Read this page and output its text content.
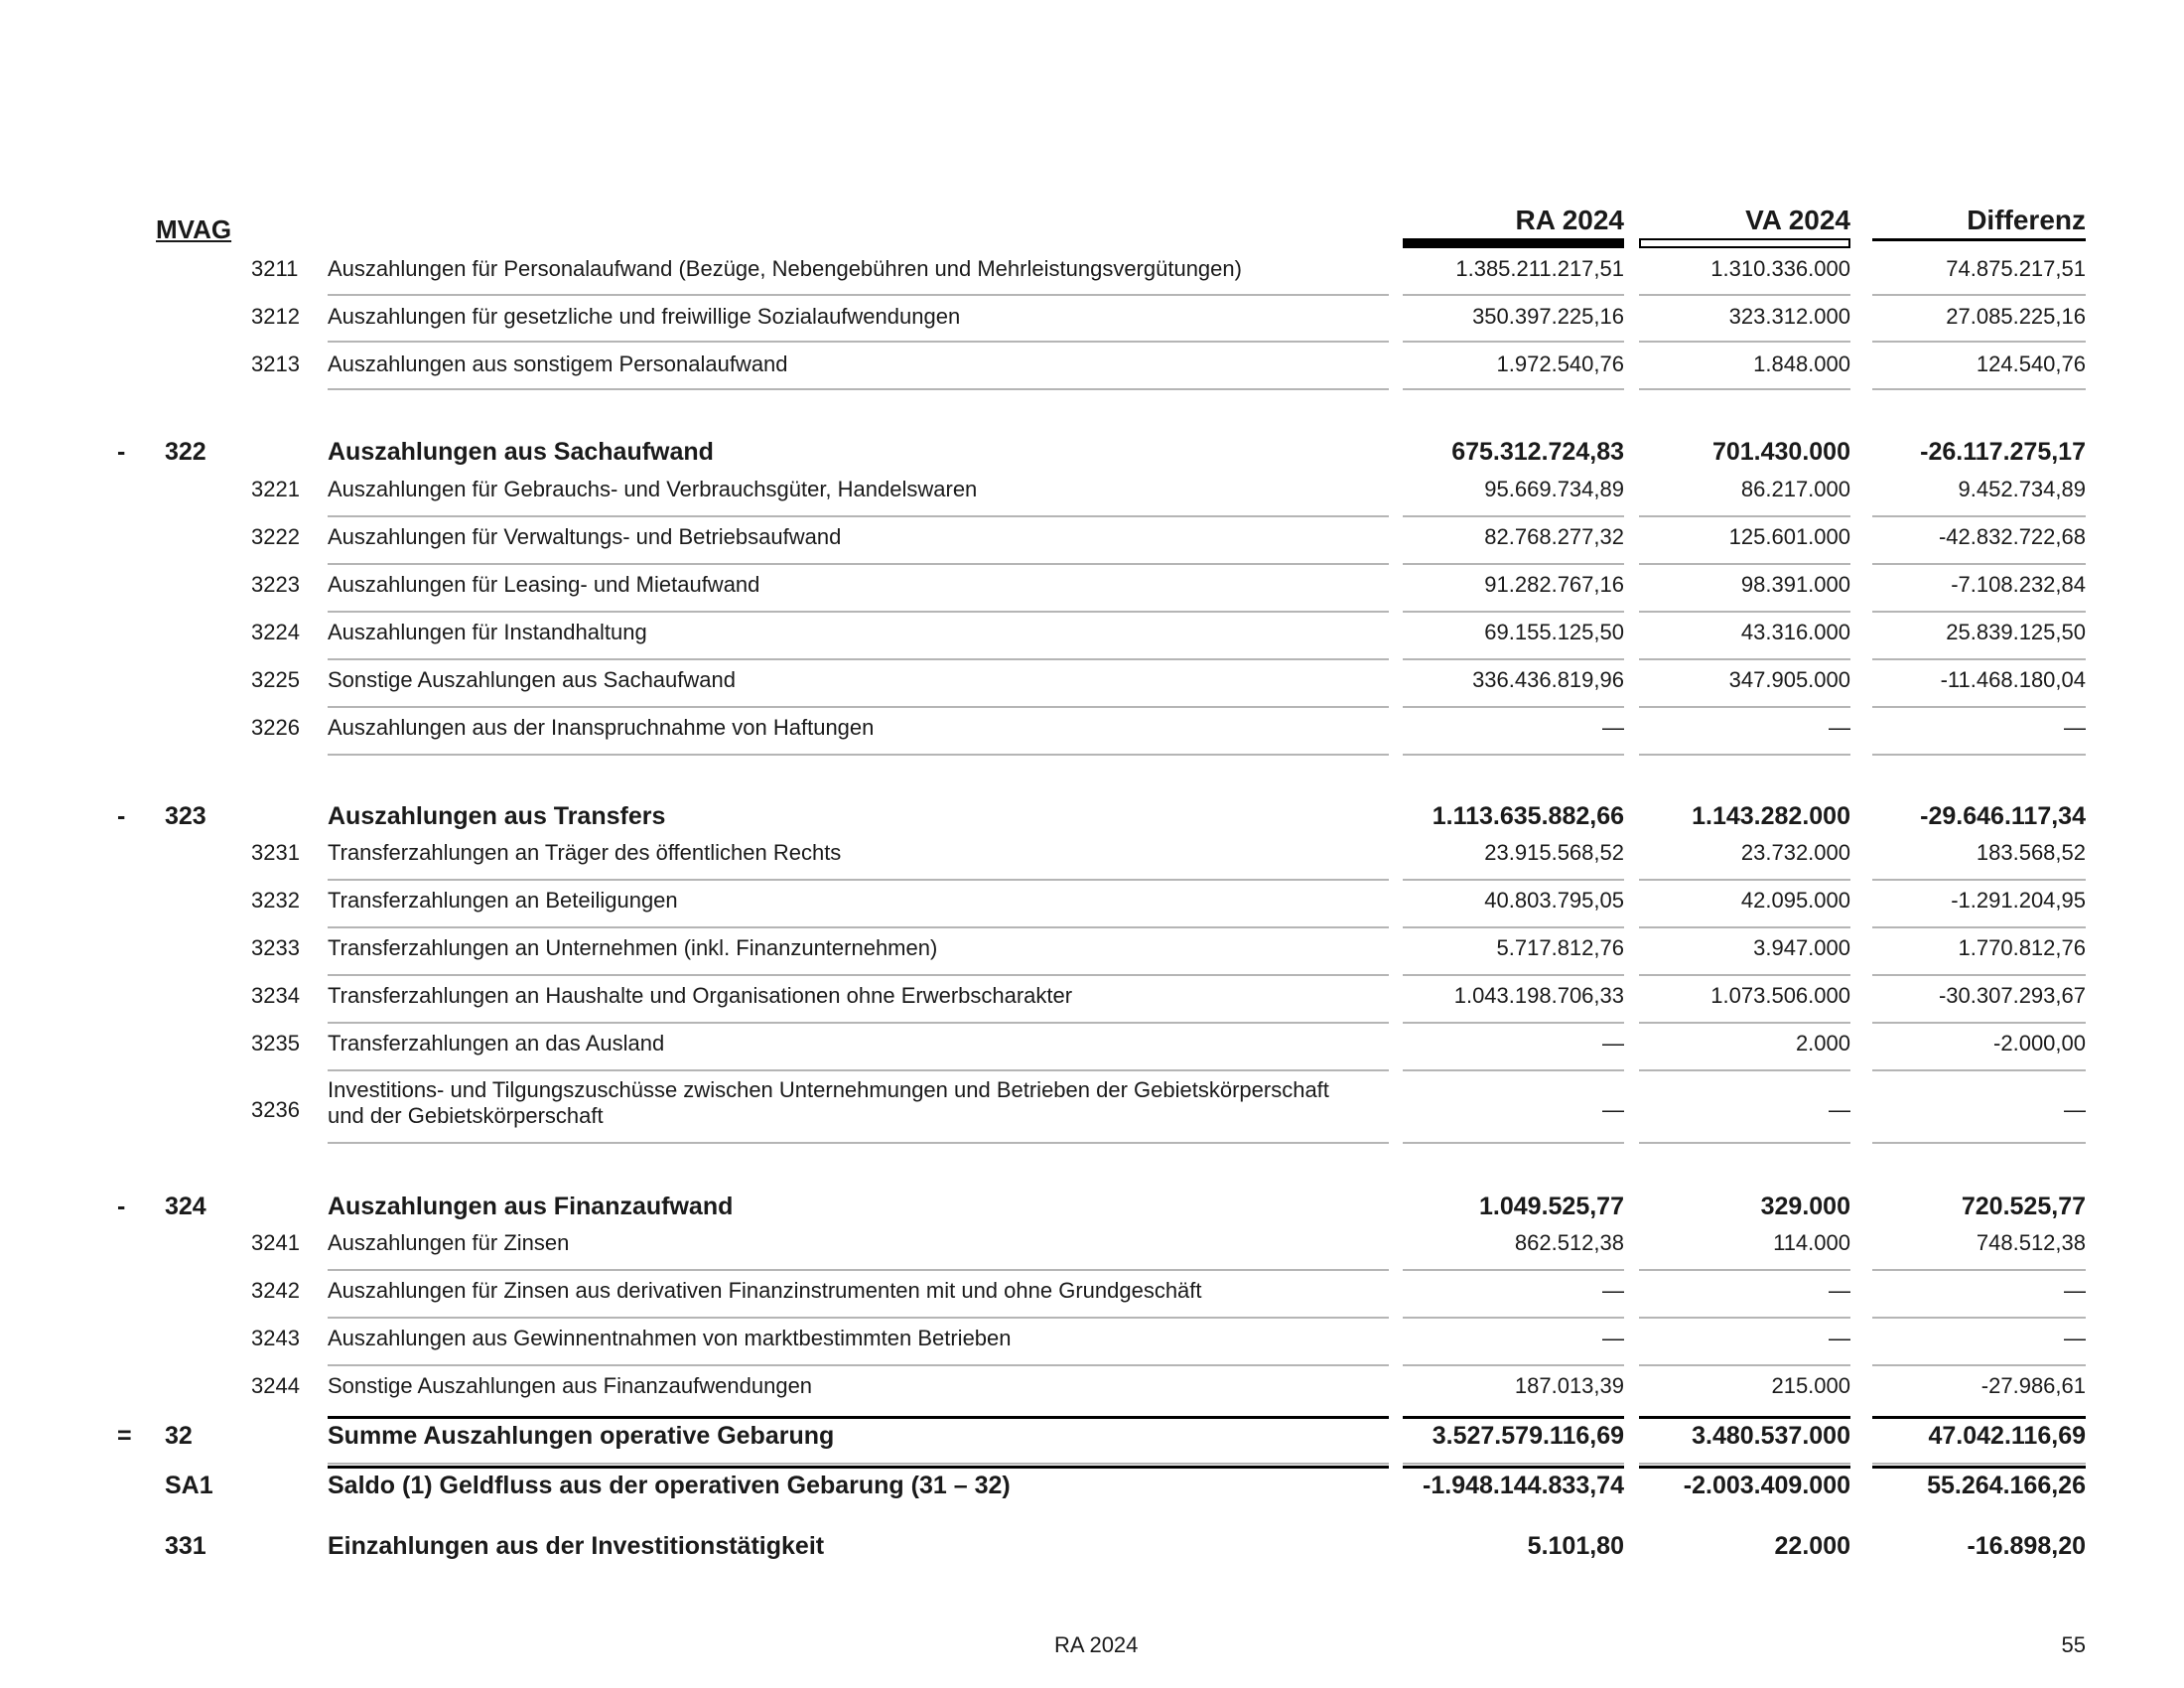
MVAG	RA 2024	VA 2024	Differenz
3211 Auszahlungen für Personalaufwand (Bezüge, Nebengebühren und Mehrleistungsvergütungen)	1.385.211.217,51	1.310.336.000	74.875.217,51
3212 Auszahlungen für gesetzliche und freiwillige Sozialaufwendungen	350.397.225,16	323.312.000	27.085.225,16
3213 Auszahlungen aus sonstigem Personalaufwand	1.972.540,76	1.848.000	124.540,76
- 322	Auszahlungen aus Sachaufwand	675.312.724,83	701.430.000	-26.117.275,17
3221 Auszahlungen für Gebrauchs- und Verbrauchsgüter, Handelswaren	95.669.734,89	86.217.000	9.452.734,89
3222 Auszahlungen für Verwaltungs- und Betriebsaufwand	82.768.277,32	125.601.000	-42.832.722,68
3223 Auszahlungen für Leasing- und Mietaufwand	91.282.767,16	98.391.000	-7.108.232,84
3224 Auszahlungen für Instandhaltung	69.155.125,50	43.316.000	25.839.125,50
3225 Sonstige Auszahlungen aus Sachaufwand	336.436.819,96	347.905.000	-11.468.180,04
3226 Auszahlungen aus der Inanspruchnahme von Haftungen	—	—	—
- 323	Auszahlungen aus Transfers	1.113.635.882,66	1.143.282.000	-29.646.117,34
3231 Transferzahlungen an Träger des öffentlichen Rechts	23.915.568,52	23.732.000	183.568,52
3232 Transferzahlungen an Beteiligungen	40.803.795,05	42.095.000	-1.291.204,95
3233 Transferzahlungen an Unternehmen (inkl. Finanzunternehmen)	5.717.812,76	3.947.000	1.770.812,76
3234 Transferzahlungen an Haushalte und Organisationen ohne Erwerbscharakter	1.043.198.706,33	1.073.506.000	-30.307.293,67
3235 Transferzahlungen an das Ausland	—	2.000	-2.000,00
3236
Investitions- und Tilgungszuschüsse zwischen Unternehmungen und Betrieben der Gebietskörperschaft
und der Gebietskörperschaft	—	—	—
- 324	Auszahlungen aus Finanzaufwand	1.049.525,77	329.000	720.525,77
3241 Auszahlungen für Zinsen	862.512,38	114.000	748.512,38
3242 Auszahlungen für Zinsen aus derivativen Finanzinstrumenten mit und ohne Grundgeschäft	—	—	—
3243 Auszahlungen aus Gewinnentnahmen von marktbestimmten Betrieben	—	—	—
3244 Sonstige Auszahlungen aus Finanzaufwendungen	187.013,39	215.000	-27.986,61
= 32	Summe Auszahlungen operative Gebarung	3.527.579.116,69	3.480.537.000	47.042.116,69
SA1	Saldo (1) Geldfluss aus der operativen Gebarung (31 – 32)	-1.948.144.833,74	-2.003.409.000	55.264.166,26
331	Einzahlungen aus der Investitionstätigkeit	5.101,80	22.000	-16.898,20
RA 2024	55
